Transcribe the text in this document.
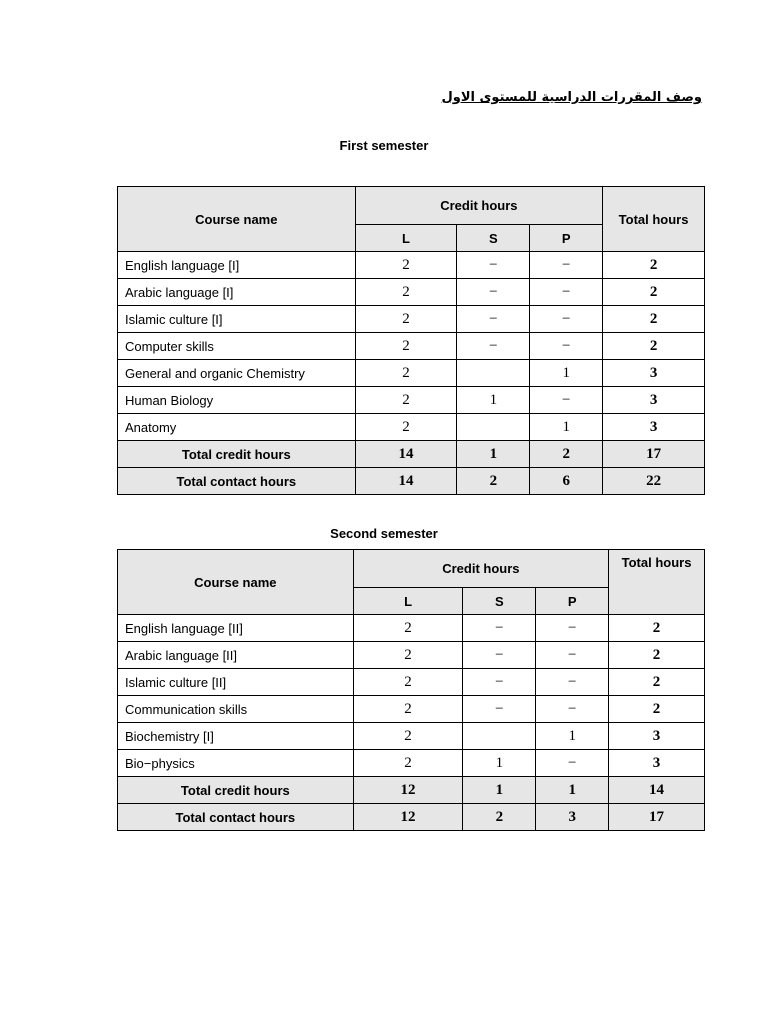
وصف المقررات الدراسية للمستوى الاول
First semester
Course name	Credit hours			Total hours
	L	S	P	
English language [I]	2	−	−	2
Arabic language [I]	2	−	−	2
Islamic culture [I]	2	−	−	2
Computer skills	2	−	−	2
General and organic Chemistry	2		1	3
Human Biology	2	1	−	3
Anatomy	2		1	3
Total credit hours	14	1	2	17
Total contact hours	14	2	6	22
Second semester
Course name	Credit hours			Total hours
	L	S	P	
English language [II]	2	−	−	2
Arabic language [II]	2	−	−	2
Islamic culture [II]	2	−	−	2
Communication skills	2	−	−	2
Biochemistry [I]	2		1	3
Bio−physics	2	1	−	3
Total credit hours	12	1	1	14
Total contact hours	12	2	3	17
